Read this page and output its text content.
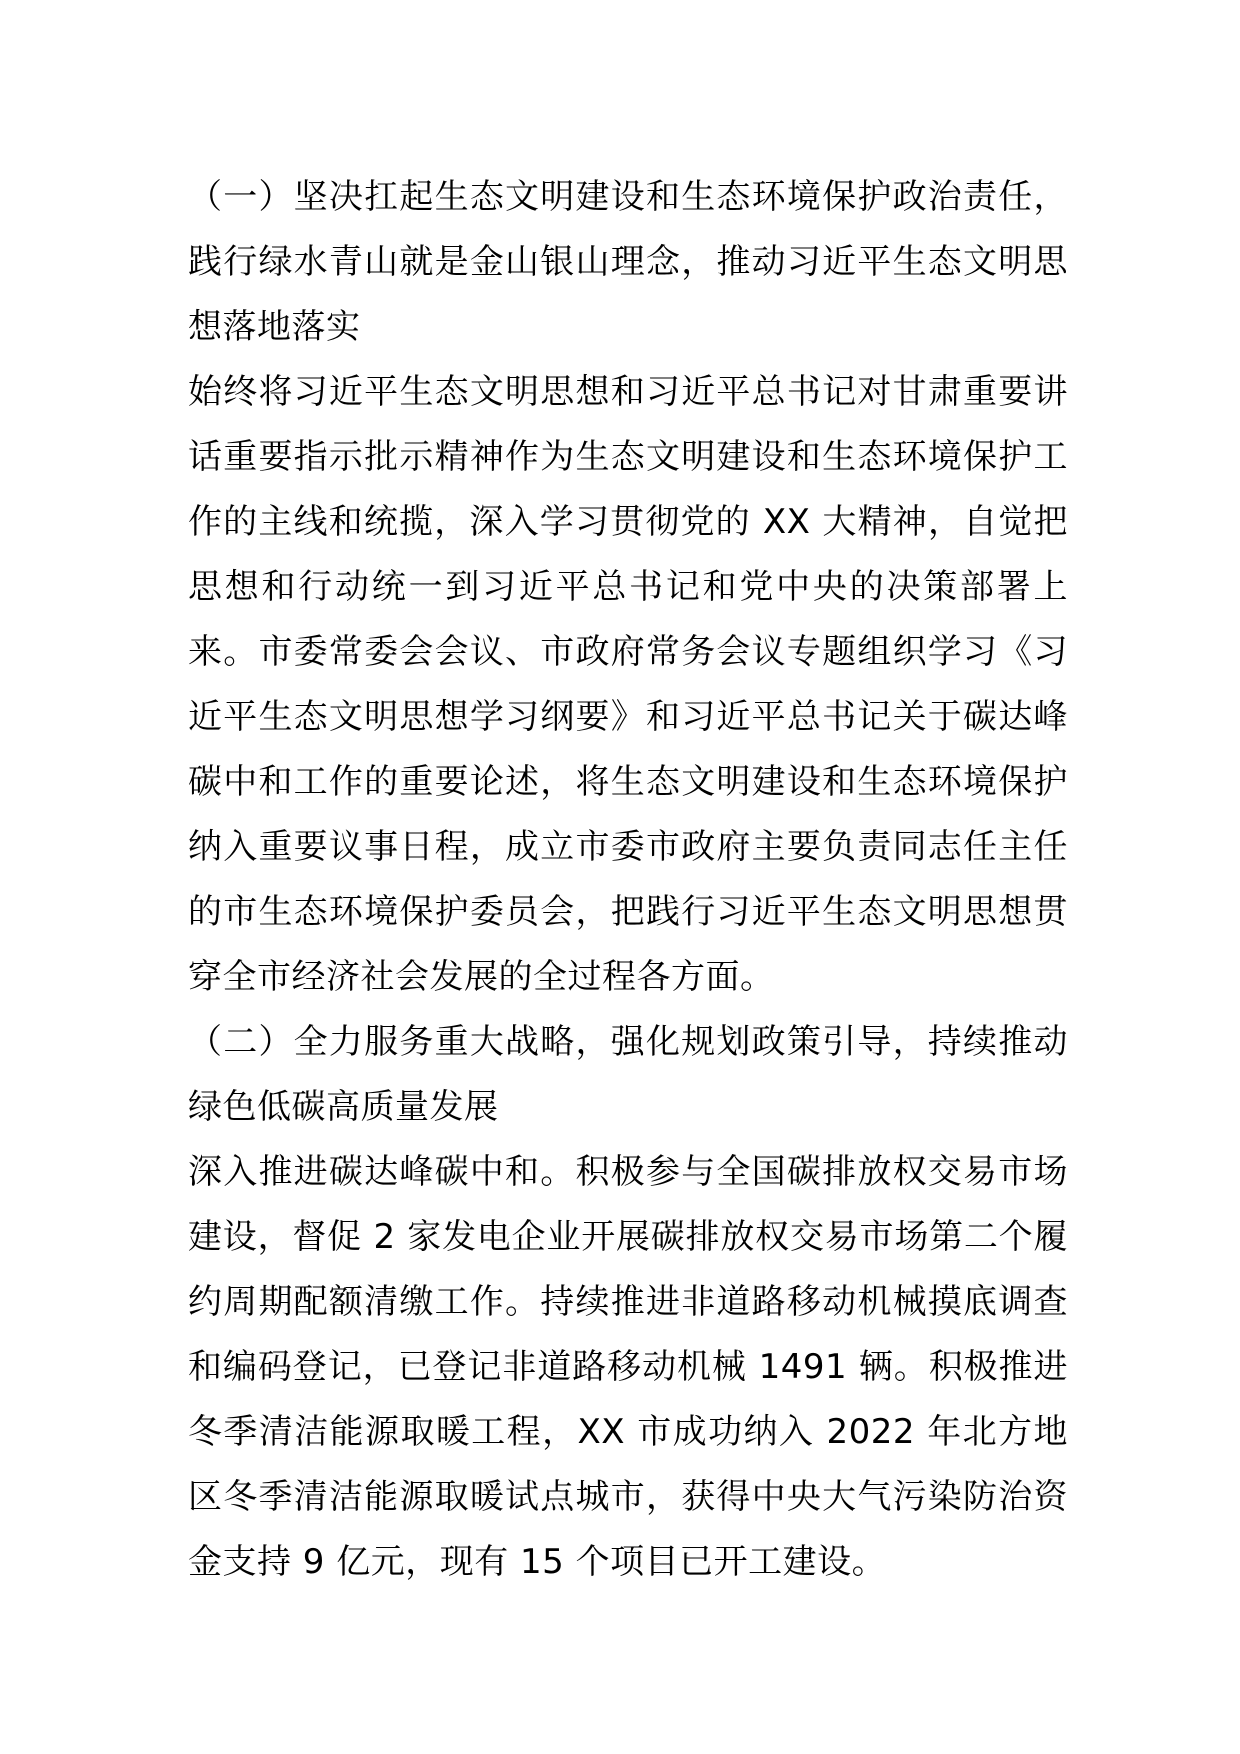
（一）坚决扛起生态文明建设和生态环境保护政治责任，践行绿水青山就是金山银山理念，推动习近平生态文明思想落地落实

始终将习近平生态文明思想和习近平总书记对甘肃重要讲话重要指示批示精神作为生态文明建设和生态环境保护工作的主线和统揽，深入学习贯彻党的 XX 大精神，自觉把思想和行动统一到习近平总书记和党中央的决策部署上来。市委常委会会议、市政府常务会议专题组织学习《习近平生态文明思想学习纲要》和习近平总书记关于碳达峰碳中和工作的重要论述，将生态文明建设和生态环境保护纳入重要议事日程，成立市委市政府主要负责同志任主任的市生态环境保护委员会，把践行习近平生态文明思想贯穿全市经济社会发展的全过程各方面。

（二）全力服务重大战略，强化规划政策引导，持续推动绿色低碳高质量发展

深入推进碳达峰碳中和。积极参与全国碳排放权交易市场建设，督促 2 家发电企业开展碳排放权交易市场第二个履约周期配额清缴工作。持续推进非道路移动机械摸底调查和编码登记，已登记非道路移动机械 1491 辆。积极推进冬季清洁能源取暖工程，XX 市成功纳入 2022 年北方地区冬季清洁能源取暖试点城市，获得中央大气污染防治资金支持 9 亿元，现有 15 个项目已开工建设。
